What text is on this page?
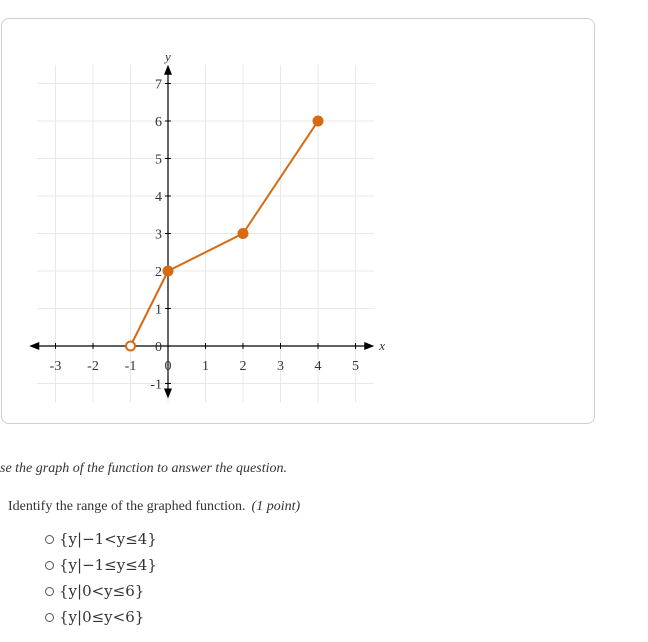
x
y
-3 -2 -1 0 1 2 3 4 5
-1
0
1
2
3
4
5
6
7
se the graph of the function to answer the question.
Identify the range of the graphed function. (1 point)
{y|−1<y≤4}
{y|−1≤y≤4}
{y|0<y≤6}
{y|0≤y<6}
